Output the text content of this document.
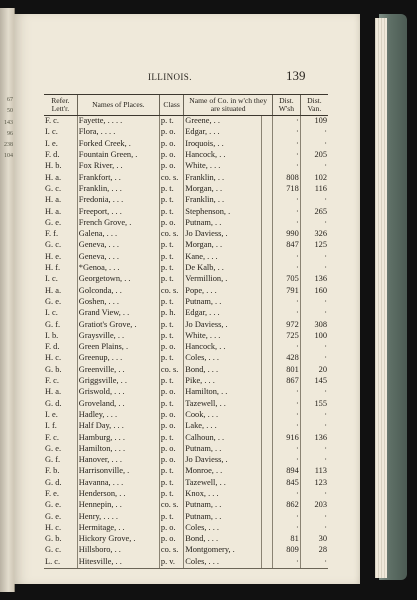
67
50
143
96
238
104

ILLINOIS.	139
Refer. Lett'r.	Names of Places.	Class	Name of Co. in w'ch they are situated		Dist. W'sh	Dist. Van.
F. c.	Fayette, . . . .	p. t.	Greene, . .		·	109
I. c.	Flora, . . . .	p. o.	Edgar, . . .		·	·
I. e.	Forked Creek, .	p. o.	Iroquois, . .		·	·
F. d.	Fountain Green, .	p. o.	Hancock, . .		·	205
H. b.	Fox River, . .	p. o.	White, . . .		·	·
H. a.	Frankfort, . .	co. s.	Franklin, . .		808	102
G. c.	Franklin, . . .	p. t.	Morgan, . .		718	116
H. a.	Fredonia, . . .	p. t.	Franklin, . .		·	·
H. a.	Freeport, . . .	p. t.	Stephenson, .		·	265
G. e.	French Grove, .	p. o.	Putnam, . .		·	·
F. f.	Galena, . . .	co. s.	Jo Daviess, .		990	326
G. c.	Geneva, . . .	p. t.	Morgan, . .		847	125
H. e.	Geneva, . . .	p. t.	Kane, . . .		·	·
H. f.	*Genoa, . . .	p. t.	De Kalb, . .		·	·
I. c.	Georgetown, . .	p. t.	Vermillion, .		705	136
H. a.	Golconda, . .	co. s.	Pope, . . .		791	160
G. e.	Goshen, . . .	p. t.	Putnam, . .		·	·
I. c.	Grand View, . .	p. h.	Edgar, . . .		·	·
G. f.	Gratiot's Grove, .	p. t.	Jo Daviess, .		972	308
I. b.	Graysville, . .	p. t.	White, . . .		725	100
F. d.	Green Plains, .	p. o.	Hancock, . .		·	·
H. c.	Greenup, . . .	p. t.	Coles, . . .		428	·
G. b.	Greenville, . .	co. s.	Bond, . . .		801	20
F. c.	Griggsville, . .	p. t.	Pike, . . .		867	145
H. a.	Griswold, . . .	p. o.	Hamilton, . .		·	·
G. d.	Groveland, . .	p. t.	Tazewell, . .		·	155
I. e.	Hadley, . . .	p. o.	Cook, . . .		·	·
I. f.	Half Day, . . .	p. o.	Lake, . . .		·	·
F. c.	Hamburg, . . .	p. t.	Calhoun, . .		916	136
G. e.	Hamilton, . . .	p. o.	Putnam, . .		·	·
G. f.	Hanover, . . .	p. o.	Jo Daviess, .		·	·
F. b.	Harrisonville, .	p. t.	Monroe, . .		894	113
G. d.	Havanna, . . .	p. t.	Tazewell, . .		845	123
F. e.	Henderson, . .	p. t.	Knox, . . .		·	·
G. e.	Hennepin, . .	co. s.	Putnam, . .		862	203
G. e.	Henry, . . . .	p. t.	Putnam, . .		·	·
H. c.	Hermitage, . .	p. o.	Coles, . . .		·	·
G. b.	Hickory Grove, .	p. o.	Bond, . . .		81	30
G. c.	Hillsboro, . .	co. s.	Montgomery, .		809	28
L. c.	Hitesville, . .	p. v.	Coles, . . .		·	·
